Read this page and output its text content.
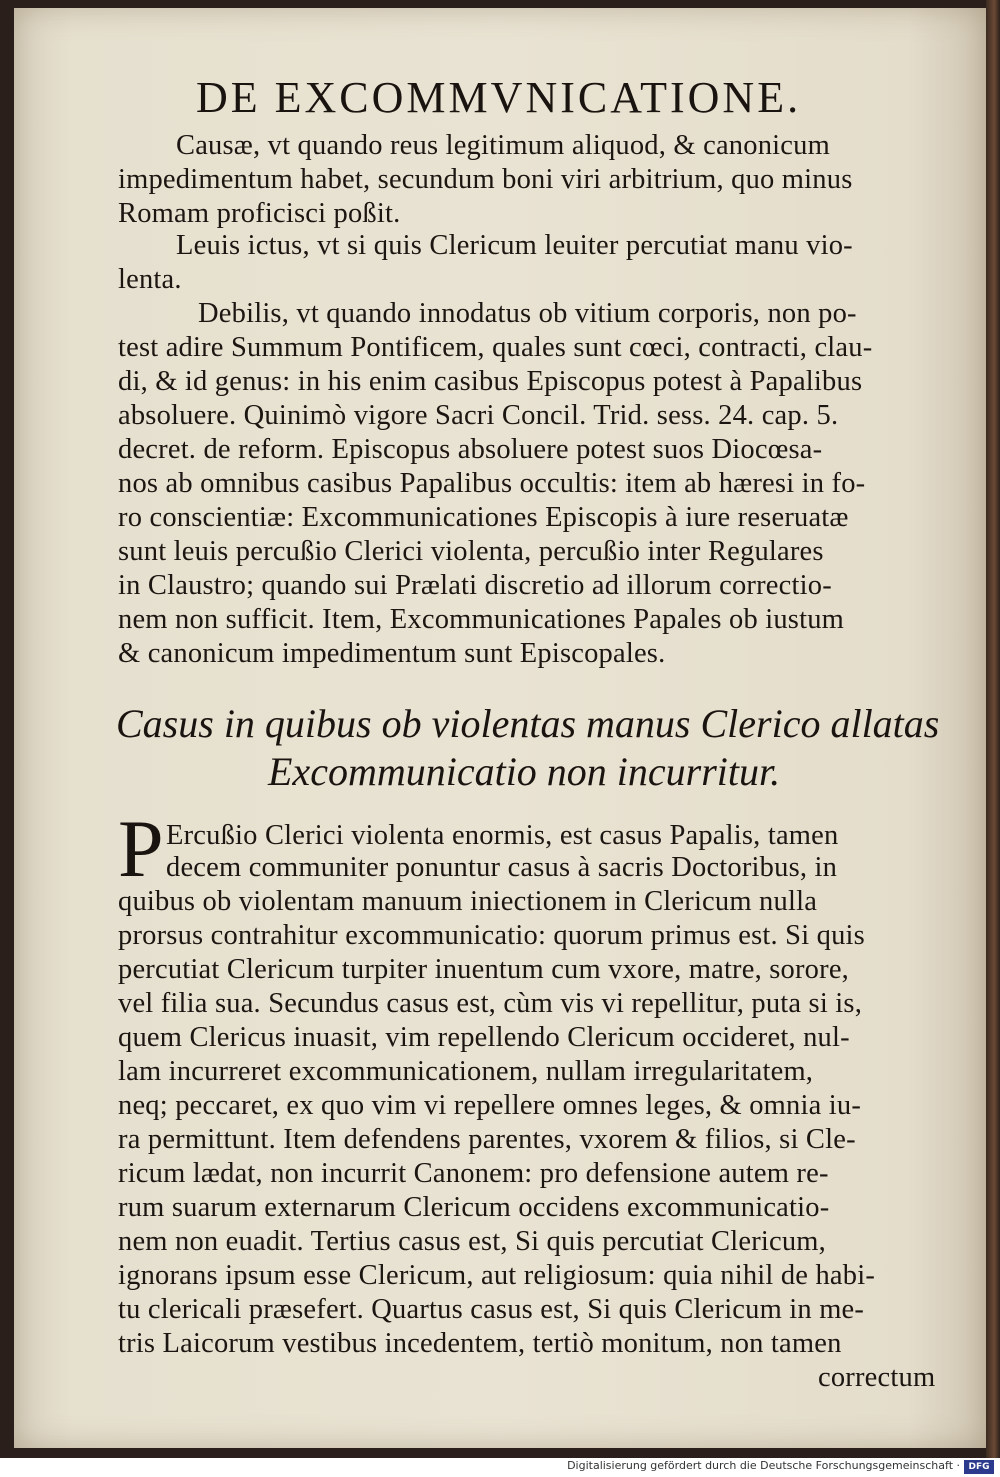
DE EXCOMMVNICATIONE.
Causæ, vt quando reus legitimum aliquod, & canonicum
impedimentum habet, secundum boni viri arbitrium, quo minus
Romam proficisci poßit.
Leuis ictus, vt si quis Clericum leuiter percutiat manu vio-
lenta.
Debilis, vt quando innodatus ob vitium corporis, non po-
test adire Summum Pontificem, quales sunt cœci, contracti, clau-
di, & id genus: in his enim casibus Episcopus potest à Papalibus
absoluere. Quinimò vigore Sacri Concil. Trid. sess. 24. cap. 5.
decret. de reform. Episcopus absoluere potest suos Diocœsa-
nos ab omnibus casibus Papalibus occultis: item ab hæresi in fo-
ro conscientiæ: Excommunicationes Episcopis à iure reseruatæ
sunt leuis percußio Clerici violenta, percußio inter Regulares
in Claustro; quando sui Prælati discretio ad illorum correctio-
nem non sufficit. Item, Excommunicationes Papales ob iustum
& canonicum impedimentum sunt Episcopales.
Casus in quibus ob violentas manus Clerico allatas
Excommunicatio non incurritur.
P Ercußio Clerici violenta enormis, est casus Papalis, tamen
decem communiter ponuntur casus à sacris Doctoribus, in
quibus ob violentam manuum iniectionem in Clericum nulla
prorsus contrahitur excommunicatio: quorum primus est. Si quis
percutiat Clericum turpiter inuentum cum vxore, matre, sorore,
vel filia sua. Secundus casus est, cùm vis vi repellitur, puta si is,
quem Clericus inuasit, vim repellendo Clericum occideret, nul-
lam incurreret excommunicationem, nullam irregularitatem,
neq; peccaret, ex quo vim vi repellere omnes leges, & omnia iu-
ra permittunt. Item defendens parentes, vxorem & filios, si Cle-
ricum lædat, non incurrit Canonem: pro defensione autem re-
rum suarum externarum Clericum occidens excommunicatio-
nem non euadit. Tertius casus est, Si quis percutiat Clericum,
ignorans ipsum esse Clericum, aut religiosum: quia nihil de habi-
tu clericali præsefert. Quartus casus est, Si quis Clericum in me-
tris Laicorum vestibus incedentem, tertiò monitum, non tamen
correctum
Digitalisierung gefördert durch die Deutsche Forschungsgemeinschaft · DFG
